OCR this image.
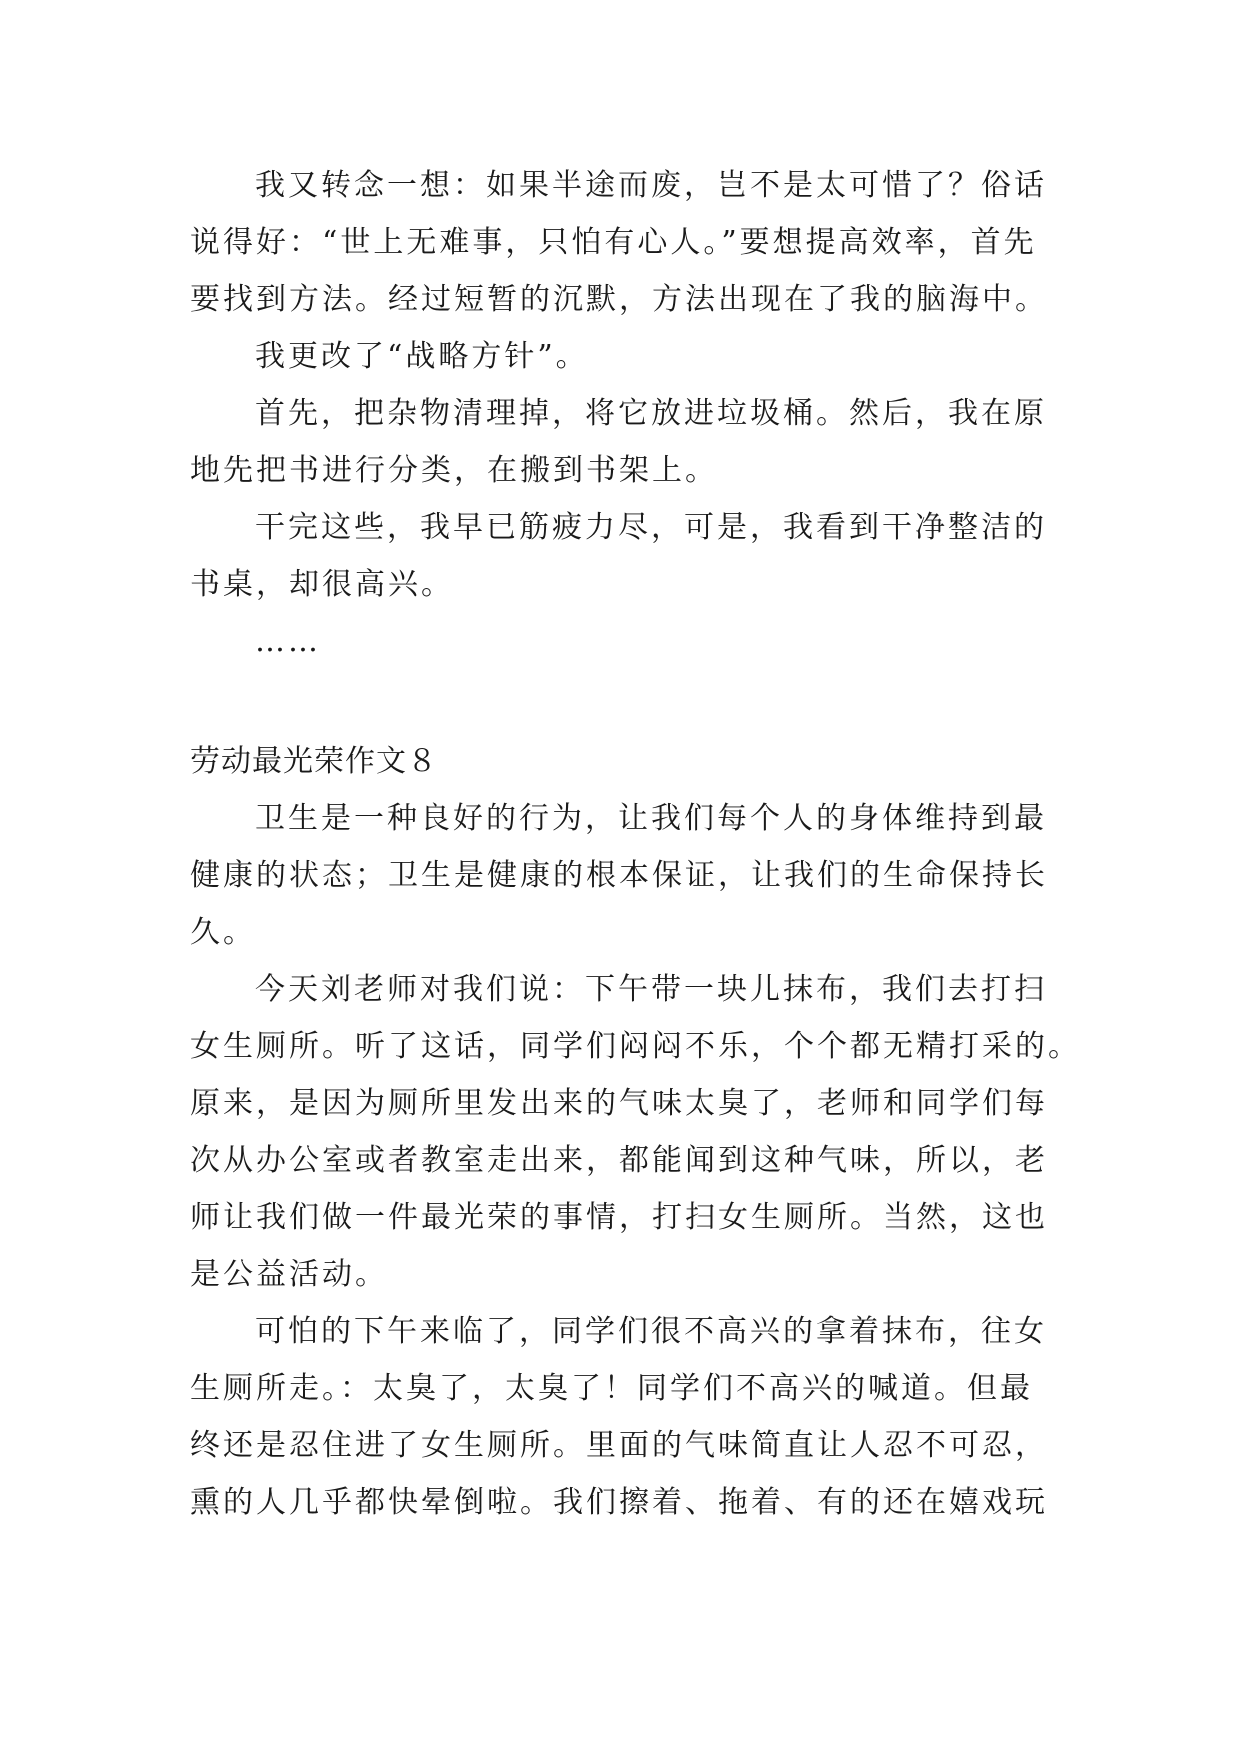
我又转念一想：如果半途而废，岂不是太可惜了？俗话
说得好：“世上无难事，只怕有心人。”要想提高效率，首先
要找到方法。经过短暂的沉默，方法出现在了我的脑海中。
我更改了“战略方针”。
首先，把杂物清理掉，将它放进垃圾桶。然后，我在原
地先把书进行分类，在搬到书架上。
干完这些，我早已筋疲力尽，可是，我看到干净整洁的
书桌，却很高兴。
……
劳动最光荣作文８
卫生是一种良好的行为，让我们每个人的身体维持到最
健康的状态；卫生是健康的根本保证，让我们的生命保持长
久。
今天刘老师对我们说：下午带一块儿抹布，我们去打扫
女生厕所。听了这话，同学们闷闷不乐，个个都无精打采的。
原来，是因为厕所里发出来的气味太臭了，老师和同学们每
次从办公室或者教室走出来，都能闻到这种气味，所以，老
师让我们做一件最光荣的事情，打扫女生厕所。当然，这也
是公益活动。
可怕的下午来临了，同学们很不高兴的拿着抹布，往女
生厕所走。：太臭了，太臭了！同学们不高兴的喊道。但最
终还是忍住进了女生厕所。里面的气味简直让人忍不可忍，
熏的人几乎都快晕倒啦。我们擦着、拖着、有的还在嬉戏玩
